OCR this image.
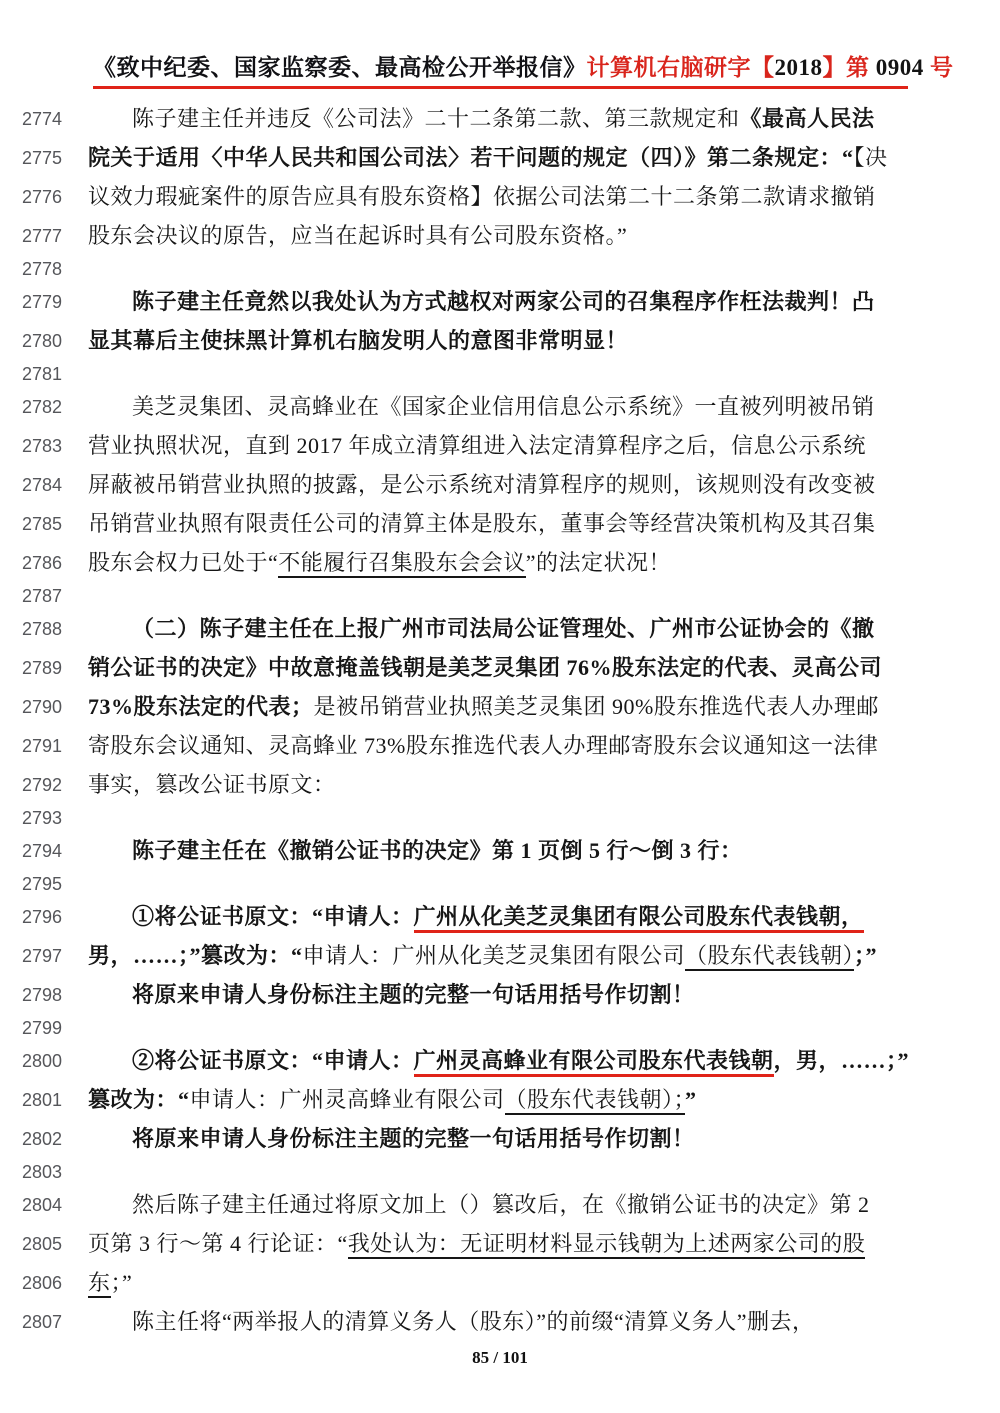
《致中纪委、国家监察委、最高检公开举报信》 计算机右脑研字【2018】第 0904 号
2774	陈子建主任并违反《公司法》二十二条第二款、第三款规定和《最高人民法
2775 院关于适用〈中华人民共和国公司法〉若干问题的规定（四）》第二条规定：“【决
2776 议效力瑕疵案件的原告应具有股东资格】依据公司法第二十二条第二款请求撤销
2777 股东会决议的原告，应当在起诉时具有公司股东资格。”
2778
2779	陈子建主任竟然以我处认为方式越权对两家公司的召集程序作枉法裁判！凸
2780 显其幕后主使抹黑计算机右脑发明人的意图非常明显！
2781
2782	美芝灵集团、灵高蜂业在《国家企业信用信息公示系统》一直被列明被吊销
2783 营业执照状况，直到 2017 年成立清算组进入法定清算程序之后，信息公示系统
2784 屏蔽被吊销营业执照的披露，是公示系统对清算程序的规则，该规则没有改变被
2785 吊销营业执照有限责任公司的清算主体是股东，董事会等经营决策机构及其召集
2786 股东会权力已处于“不能履行召集股东会会议”的法定状况！
2787
2788	（二）陈子建主任在上报广州市司法局公证管理处、广州市公证协会的《撤
2789 销公证书的决定》中故意掩盖钱朝是美芝灵集团 76%股东法定的代表、灵高公司
2790 73%股东法定的代表；是被吊销营业执照美芝灵集团 90%股东推选代表人办理邮
2791 寄股东会议通知、灵高蜂业 73%股东推选代表人办理邮寄股东会议通知这一法律
2792 事实，篡改公证书原文：
2793
2794	陈子建主任在《撤销公证书的决定》第 1 页倒 5 行～倒 3 行：
2795
2796	①将公证书原文：“申请人：广州从化美芝灵集团有限公司股东代表钱朝，
2797 男，……；”篡改为：“申请人：广州从化美芝灵集团有限公司（股东代表钱朝）；”
2798	将原来申请人身份标注主题的完整一句话用括号作切割！
2799
2800	②将公证书原文：“申请人：广州灵高蜂业有限公司股东代表钱朝，男，……；”
2801 篡改为：“申请人：广州灵高蜂业有限公司（股东代表钱朝）；”
2802	将原来申请人身份标注主题的完整一句话用括号作切割！
2803
2804	然后陈子建主任通过将原文加上（）篡改后，在《撤销公证书的决定》第 2
2805 页第 3 行～第 4 行论证：“我处认为：无证明材料显示钱朝为上述两家公司的股
2806 东；”
2807	陈主任将“两举报人的清算义务人（股东）”的前缀“清算义务人”删去，
85 / 101
